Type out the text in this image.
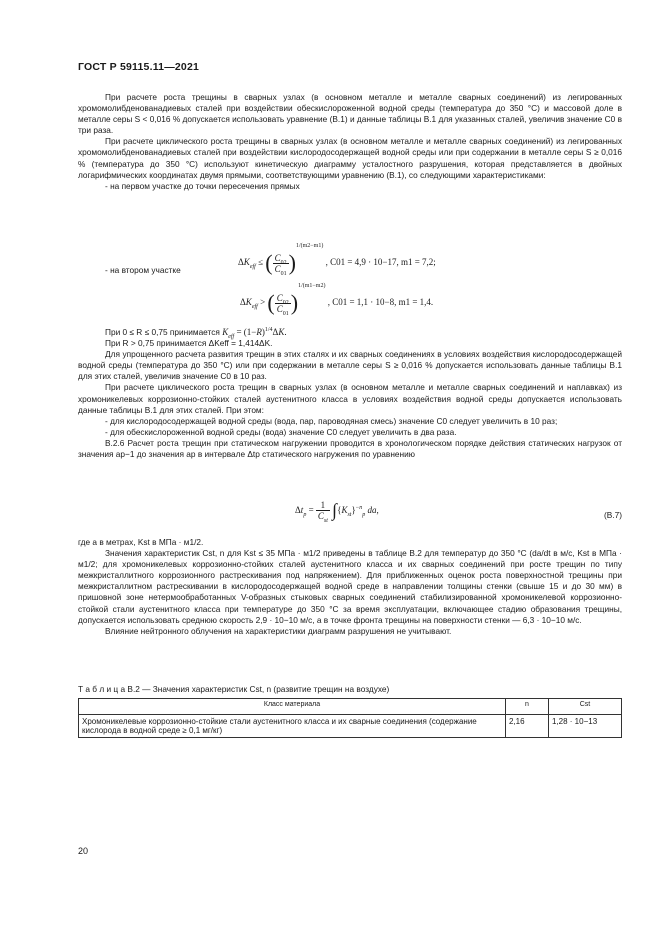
ГОСТ Р 59115.11—2021

При расчете роста трещины в сварных узлах (в основном металле и металле сварных соединений) из легированных хромомолибденованадиевых сталей при воздействии обескислороженной водной среды (температура до 350 °С) и массовой доле в металле серы S < 0,016 % допускается использовать уравнение (В.1) и данные таблицы В.1 для указанных сталей, увеличив значение C0 в три раза.

При расчете циклического роста трещины в сварных узлах (в основном металле и металле сварных соединений) из легированных хромомолибденованадиевых сталей при воздействии кислородосодержащей водной среды или при содержании в металле серы S ≥ 0,016 % (температура до 350 °С) используют кинетическую диаграмму усталостного разрушения, которая представляется в двойных логарифмических координатах двумя прямыми, соответствующими уравнению (В.1), со следующими характеристиками:

- на первом участке до точки пересечения прямых

$\Delta K_{eff}$ ≤ ( $\frac{C_{02}}{C_{01}} )^{1/(m2-m1)}$ , C01 = 4,9 · 10−17, m1 = 7,2;

- на втором участке

$\Delta K_{eff}$ > ( $\frac{C_{02}}{C_{01}} )^{1/(m1-m2)}$ , C01 = 1,1 · 10−8, m1 = 1,4.

При 0 ≤ R ≤ 0,75 принимается $K_{eff} = (1-R)^{1/4}\Delta K$.

При R > 0,75 принимается ΔKeff = 1,414ΔK.

Для упрощенного расчета развития трещин в этих сталях и их сварных соединениях в условиях воздействия кислородосодержащей водной среды (температура до 350 °С) или при содержании в металле серы S ≥ 0,016 % допускается использовать данные таблицы В.1 для этих сталей, увеличив значение C0 в 10 раз.

При расчете циклического роста трещин в сварных узлах (в основном металле и металле сварных соединений и наплавках) из хромоникелевых коррозионно-стойких сталей аустенитного класса в условиях воздействия водной среды допускается использовать данные таблицы В.1 для этих сталей. При этом:

- для кислородосодержащей водной среды (вода, пар, пароводяная смесь) значение C0 следует увеличить в 10 раз;

- для обескислороженной водной среды (вода) значение C0 следует увеличить в два раза.

В.2.6 Расчет роста трещин при статическом нагружении проводится в хронологическом порядке действия статических нагрузок от значения ap−1 до значения ap в интервале Δtp статического нагружения по уравнению

$\Delta t_p = \frac{1}{C_{st}} \int\{K_{st}\}^{-n}_p$ da,
(В.7)

где а в метрах, Kst в МПа · м1/2.

Значения характеристик Cst, n для Kst ≤ 35 МПа · м1/2 приведены в таблице В.2 для температур до 350 °С (da/dt в м/с, Kst в МПа · м1/2; для хромоникелевых коррозионно-стойких сталей аустенитного класса и их сварных соединений при росте трещин по типу межкристаллитного коррозионного растрескивания под напряжением). Для приближенных оценок роста поверхностной трещины при межкристаллитном растрескивании в кислородосодержащей водной среде в направлении толщины стенки (свыше 15 и до 30 мм) в пришовной зоне нетермообработанных V-образных стыковых сварных соединений стабилизированной хромоникелевой коррозионно-стойкой стали аустенитного класса при температуре до 350 °С за время эксплуатации, включающее стадию образования трещины, допускается использовать среднюю скорость 2,9 · 10−10 м/с, а в точке фронта трещины на поверхности стенки — 6,3 · 10−10 м/с.

Влияние нейтронного облучения на характеристики диаграмм разрушения не учитывают.

Т а б л и ц а В.2 — Значения характеристик Cst, n (развитие трещин на воздухе)
Класс материала	n	Cst
Хромоникелевые коррозионно-стойкие стали аустенитного класса и их сварные соединения (содержание кислорода в водной среде ≥ 0,1 мг/кг)	2,16	1,28 · 10−13
20
